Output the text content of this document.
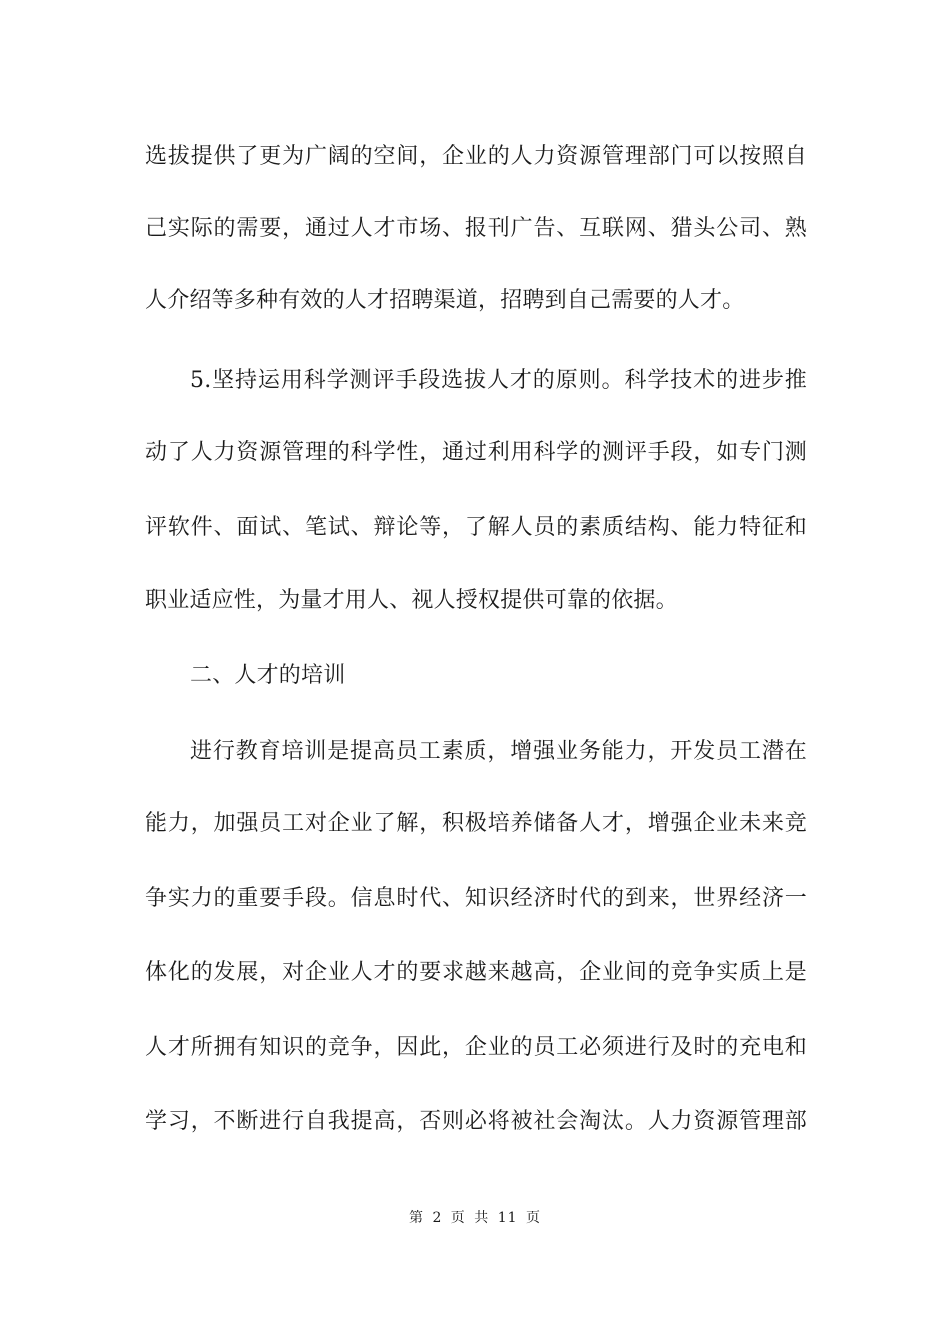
选拔提供了更为广阔的空间，企业的人力资源管理部门可以按照自
己实际的需要，通过人才市场、报刊广告、互联网、猎头公司、熟
人介绍等多种有效的人才招聘渠道，招聘到自己需要的人才。
5.坚持运用科学测评手段选拔人才的原则。科学技术的进步推
动了人力资源管理的科学性，通过利用科学的测评手段，如专门测
评软件、面试、笔试、辩论等，了解人员的素质结构、能力特征和
职业适应性，为量才用人、视人授权提供可靠的依据。
二、人才的培训
进行教育培训是提高员工素质，增强业务能力，开发员工潜在
能力，加强员工对企业了解，积极培养储备人才，增强企业未来竞
争实力的重要手段。信息时代、知识经济时代的到来，世界经济一
体化的发展，对企业人才的要求越来越高，企业间的竞争实质上是
人才所拥有知识的竞争，因此，企业的员工必须进行及时的充电和
学习，不断进行自我提高，否则必将被社会淘汰。人力资源管理部
第 2 页 共 11 页
